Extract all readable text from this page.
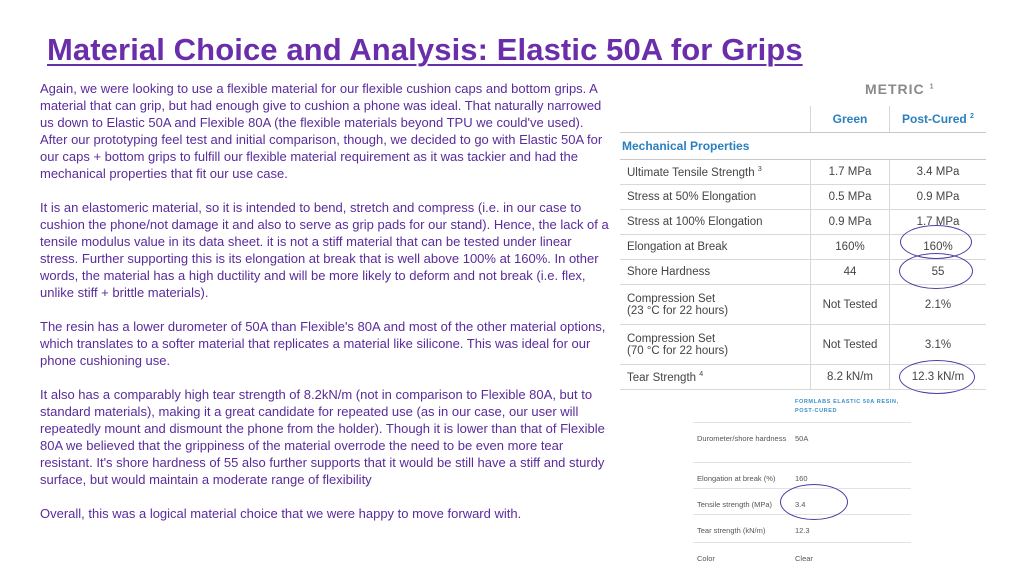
Material Choice and Analysis: Elastic 50A for Grips

Again, we were looking to use a flexible material for our flexible cushion caps and bottom grips. A material that can grip, but had enough give to cushion a phone was ideal. That naturally narrowed us down to Elastic 50A and Flexible 80A (the flexible materials beyond TPU we could've used). After our prototyping feel test and initial comparison, though, we decided to go with Elastic 50A for our caps + bottom grips to fulfill our flexible material requirement as it was tackier and had the mechanical properties that fit our use case.

It is an elastomeric material, so it is intended to bend, stretch and compress (i.e. in our case to cushion the phone/not damage it and also to serve as grip pads for our stand). Hence, the lack of a tensile modulus value in its data sheet. it is not a stiff material that can be tested under linear stress. Further supporting this is its elongation at break that is well above 100% at 160%. In other words, the material has a high ductility and will be more likely to deform and not break (i.e. flex, unlike stiff + brittle materials).

The resin has a lower durometer of 50A than Flexible's 80A and most of the other material options, which translates to a softer material that replicates a material like silicone. This was ideal for our phone cushioning use.

It also has a comparably high tear strength of 8.2kN/m (not in comparison to Flexible 80A, but to standard materials), making it a great candidate for repeated use (as in our case, our user will repeatedly mount and dismount the phone from the holder). Though it is lower than that of Flexible 80A we believed that the grippiness of the material overrode the need to be even more tear resistant. It's shore hardness of 55 also further supports that it would be still have a stiff and sturdy surface, but would maintain a moderate range of flexibility

Overall, this was a logical material choice that we were happy to move forward with.

METRIC $^1$
	Green	Post-Cured $^2$
Mechanical Properties		
Ultimate Tensile Strength $^3$	1.7 MPa	3.4 MPa
Stress at 50% Elongation	0.5 MPa	0.9 MPa
Stress at 100% Elongation	0.9 MPa	1.7 MPa
Elongation at Break	160%	160%
Shore Hardness	44	55
Compression Set
(23 °C for 22 hours)	Not Tested	2.1%
Compression Set
(70 °C for 22 hours)	Not Tested	3.1%
Tear Strength $^4$	8.2 kN/m	12.3 kN/m
FORMLABS ELASTIC 50A RESIN, POST-CURED
Durometer/shore hardness 50A
Elongation at break (%)	160
Tensile strength (MPa)	3.4
Tear strength (kN/m)	12.3
Color	Clear
